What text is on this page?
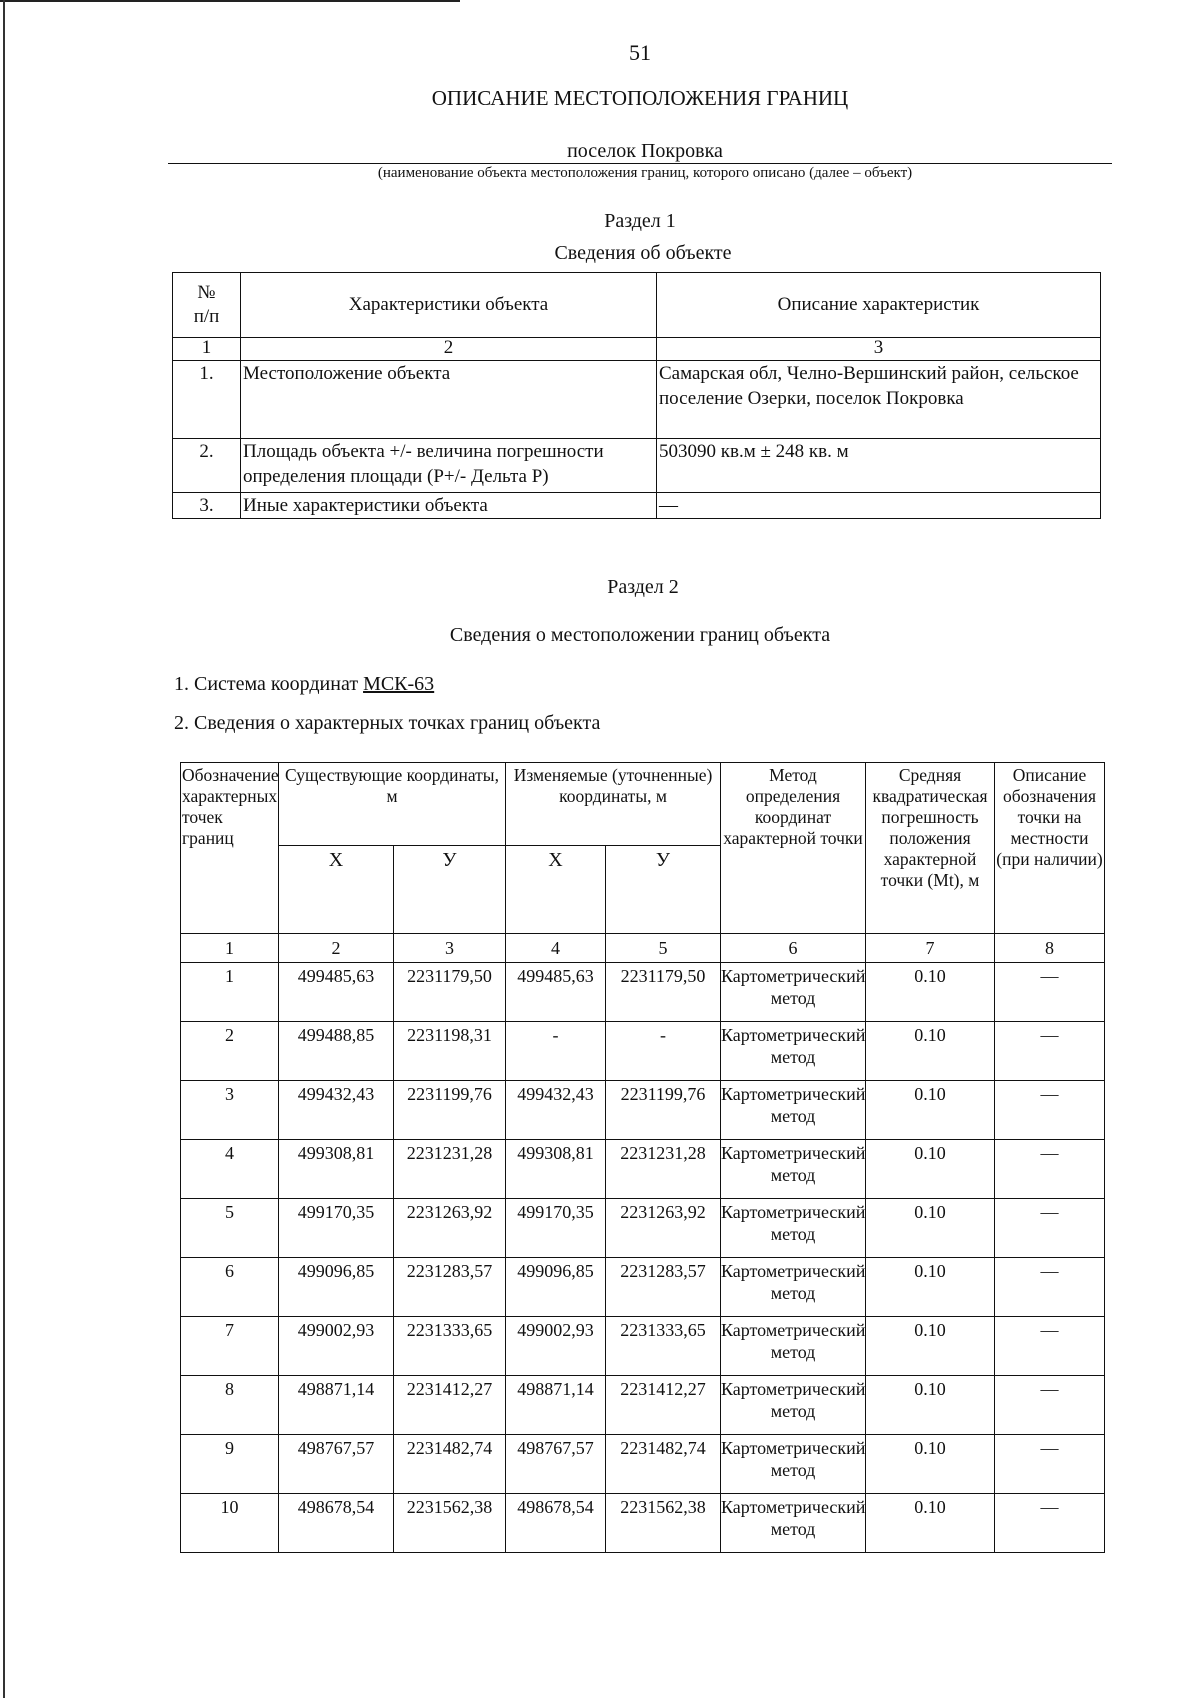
51
ОПИСАНИЕ МЕСТОПОЛОЖЕНИЯ ГРАНИЦ
поселок Покровка
(наименование объекта местоположения границ, которого описано (далее – объект)
Раздел 1
Сведения об объекте
№
п/п	Характеристики объекта	Описание характеристик
1	2	3
1.	Местоположение объекта	Самарская обл, Челно-Вершинский район, сельское поселение Озерки, поселок Покровка
2.	Площадь объекта +/- величина погрешности определения площади (P+/- Дельта P)	503090 кв.м ± 248 кв. м
3.	Иные характеристики объекта	—
Раздел 2
Сведения о местоположении границ объекта
1. Система координат МСК-63
2. Сведения о характерных точках границ объекта
Обозначение характерных точек границ	Существующие координаты, м		Изменяемые (уточненные) координаты, м		Метод определения координат характерной точки	Средняя квадратическая погрешность положения характерной точки (Mt), м	Описание обозначения точки на местности (при наличии)
	X	У	X	У			
1	2	3	4	5	6	7	8
1	499485,63	2231179,50	499485,63	2231179,50	Картометрический метод	0.10	—
2	499488,85	2231198,31	-	-	Картометрический метод	0.10	—
3	499432,43	2231199,76	499432,43	2231199,76	Картометрический метод	0.10	—
4	499308,81	2231231,28	499308,81	2231231,28	Картометрический метод	0.10	—
5	499170,35	2231263,92	499170,35	2231263,92	Картометрический метод	0.10	—
6	499096,85	2231283,57	499096,85	2231283,57	Картометрический метод	0.10	—
7	499002,93	2231333,65	499002,93	2231333,65	Картометрический метод	0.10	—
8	498871,14	2231412,27	498871,14	2231412,27	Картометрический метод	0.10	—
9	498767,57	2231482,74	498767,57	2231482,74	Картометрический метод	0.10	—
10	498678,54	2231562,38	498678,54	2231562,38	Картометрический метод	0.10	—
